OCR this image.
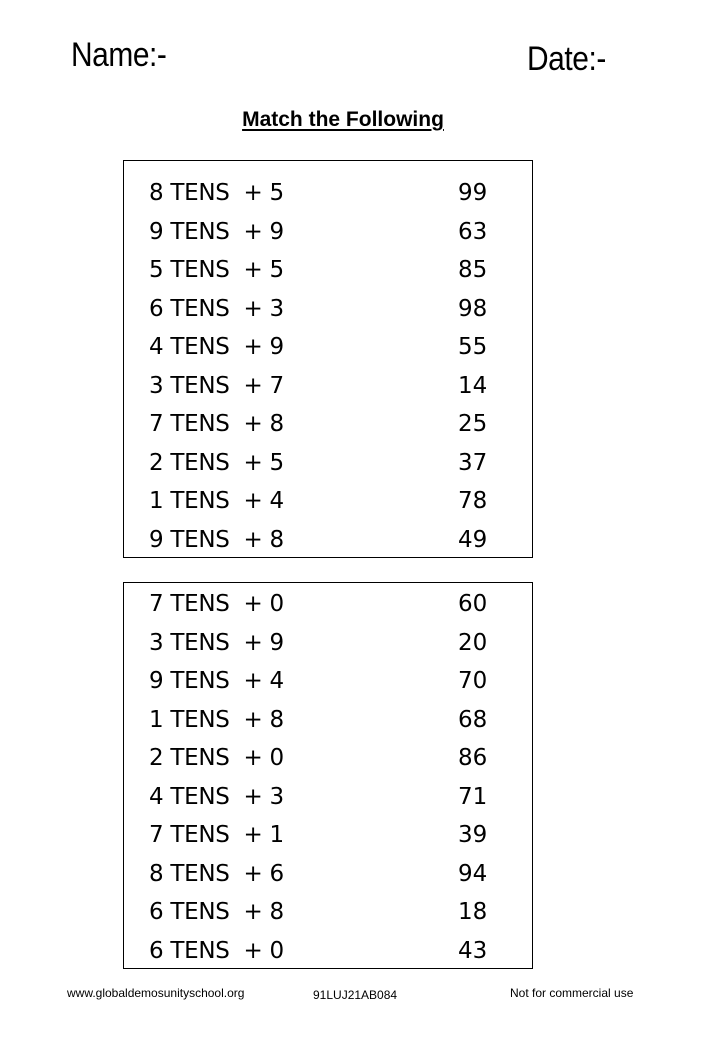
Name:-	Date:-
Match the Following
8 TENS  + 5	99
9 TENS  + 9	63
5 TENS  + 5	85
6 TENS  + 3	98
4 TENS  + 9	55
3 TENS  + 7	14
7 TENS  + 8	25
2 TENS  + 5	37
1 TENS  + 4	78
9 TENS  + 8	49
7 TENS  + 0	60
3 TENS  + 9	20
9 TENS  + 4	70
1 TENS  + 8	68
2 TENS  + 0	86
4 TENS  + 3	71
7 TENS  + 1	39
8 TENS  + 6	94
6 TENS  + 8	18
6 TENS  + 0	43
www.globaldemosunityschool.org	91LUJ21AB084	Not for commercial use
